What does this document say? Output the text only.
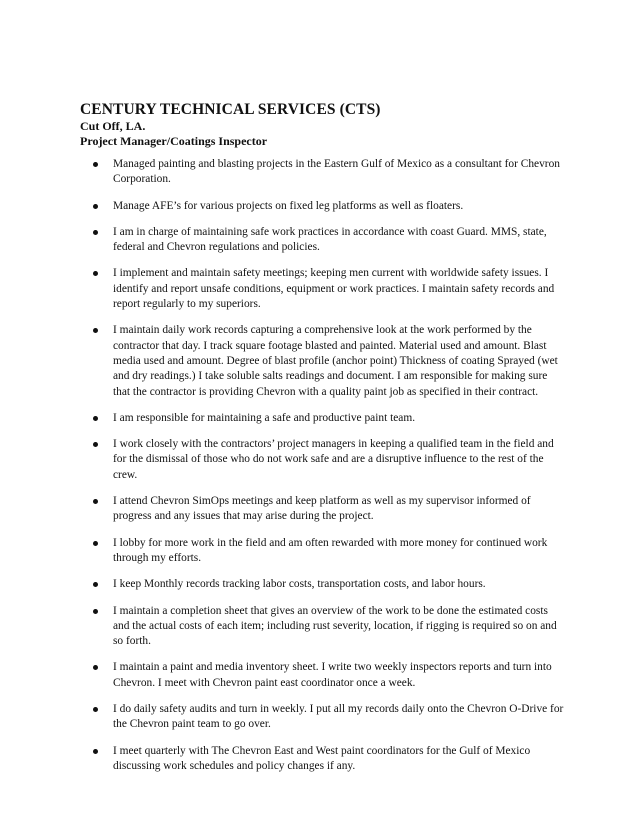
CENTURY TECHNICAL SERVICES (CTS)
Cut Off, LA.
Project Manager/Coatings Inspector
Managed painting and blasting projects in the Eastern Gulf of Mexico as a consultant for Chevron Corporation.
Manage AFE’s for various projects on fixed leg platforms as well as floaters.
I am in charge of maintaining safe work practices in accordance with coast Guard. MMS, state, federal and Chevron regulations and policies.
I implement and maintain safety meetings; keeping men current with worldwide safety issues. I identify and report unsafe conditions, equipment or work practices. I maintain safety records and report regularly to my superiors.
I maintain daily work records capturing a comprehensive look at the work performed by the contractor that day. I track square footage blasted and painted. Material used and amount. Blast media used and amount. Degree of blast profile (anchor point) Thickness of coating Sprayed (wet and dry readings.) I take soluble salts readings and document. I am responsible for making sure that the contractor is providing Chevron with a quality paint job as specified in their contract.
I am responsible for maintaining a safe and productive paint team.
I work closely with the contractors’ project managers in keeping a qualified team in the field and for the dismissal of those who do not work safe and are a disruptive influence to the rest of the crew.
I attend Chevron SimOps meetings and keep platform as well as my supervisor informed of progress and any issues that may arise during the project.
I lobby for more work in the field and am often rewarded with more money for continued work through my efforts.
I keep Monthly records tracking labor costs, transportation costs, and labor hours.
I maintain a completion sheet that gives an overview of the work to be done the estimated costs and the actual costs of each item; including rust severity, location, if rigging is required so on and so forth.
I maintain a paint and media inventory sheet. I write two weekly inspectors reports and turn into Chevron. I meet with Chevron paint east coordinator once a week.
I do daily safety audits and turn in weekly. I put all my records daily onto the Chevron O-Drive for the Chevron paint team to go over.
I meet quarterly with The Chevron East and West paint coordinators for the Gulf of Mexico discussing work schedules and policy changes if any.
